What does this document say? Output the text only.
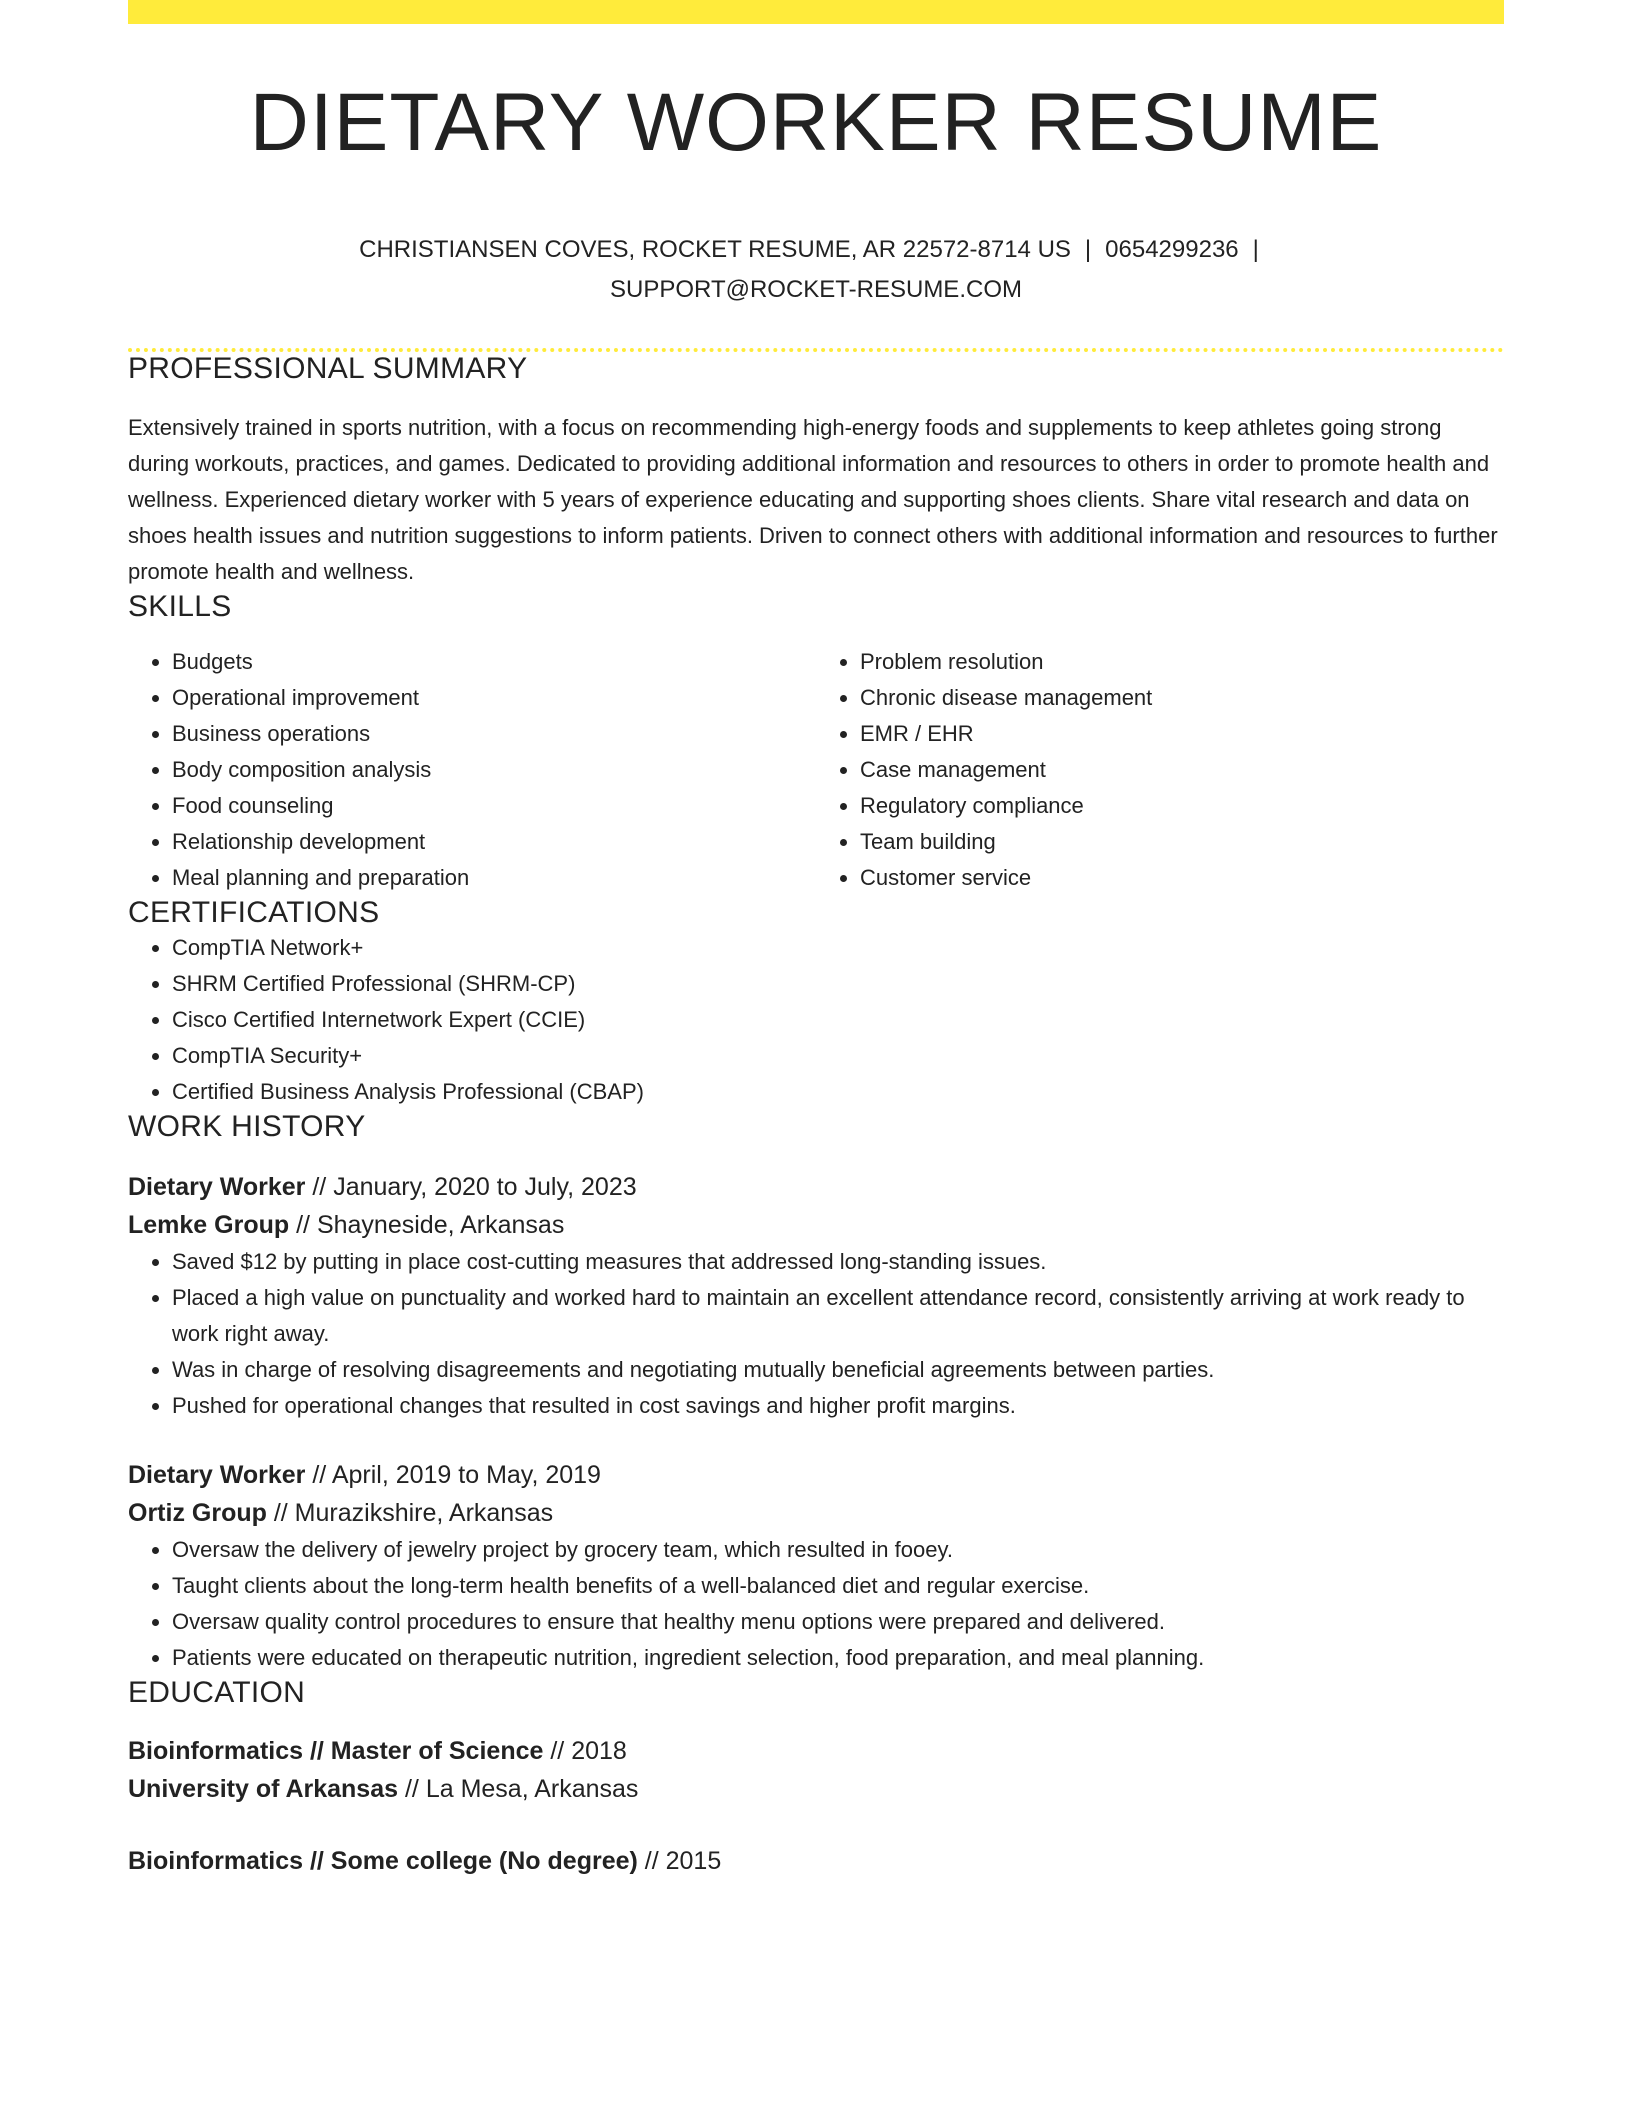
DIETARY WORKER RESUME
CHRISTIANSEN COVES, ROCKET RESUME, AR 22572-8714 US | 0654299236 |
SUPPORT@ROCKET-RESUME.COM
PROFESSIONAL SUMMARY

Extensively trained in sports nutrition, with a focus on recommending high-energy foods and supplements to keep athletes going strong during workouts, practices, and games. Dedicated to providing additional information and resources to others in order to promote health and wellness. Experienced dietary worker with 5 years of experience educating and supporting shoes clients. Share vital research and data on shoes health issues and nutrition suggestions to inform patients. Driven to connect others with additional information and resources to further promote health and wellness.

SKILLS
• Budgets
• Operational improvement
• Business operations
• Body composition analysis
• Food counseling
• Relationship development
• Meal planning and preparation
• Problem resolution
• Chronic disease management
• EMR / EHR
• Case management
• Regulatory compliance
• Team building
• Customer service
CERTIFICATIONS
• CompTIA Network+
• SHRM Certified Professional (SHRM-CP)
• Cisco Certified Internetwork Expert (CCIE)
• CompTIA Security+
• Certified Business Analysis Professional (CBAP)
WORK HISTORY
Dietary Worker // January, 2020 to July, 2023
Lemke Group // Shayneside, Arkansas
• Saved $12 by putting in place cost-cutting measures that addressed long-standing issues.
• Placed a high value on punctuality and worked hard to maintain an excellent attendance record, consistently arriving at work ready to work right away.
• Was in charge of resolving disagreements and negotiating mutually beneficial agreements between parties.
• Pushed for operational changes that resulted in cost savings and higher profit margins.
Dietary Worker // April, 2019 to May, 2019
Ortiz Group // Murazikshire, Arkansas
• Oversaw the delivery of jewelry project by grocery team, which resulted in fooey.
• Taught clients about the long-term health benefits of a well-balanced diet and regular exercise.
• Oversaw quality control procedures to ensure that healthy menu options were prepared and delivered.
• Patients were educated on therapeutic nutrition, ingredient selection, food preparation, and meal planning.
EDUCATION
Bioinformatics // Master of Science // 2018
University of Arkansas // La Mesa, Arkansas
Bioinformatics // Some college (No degree) // 2015
